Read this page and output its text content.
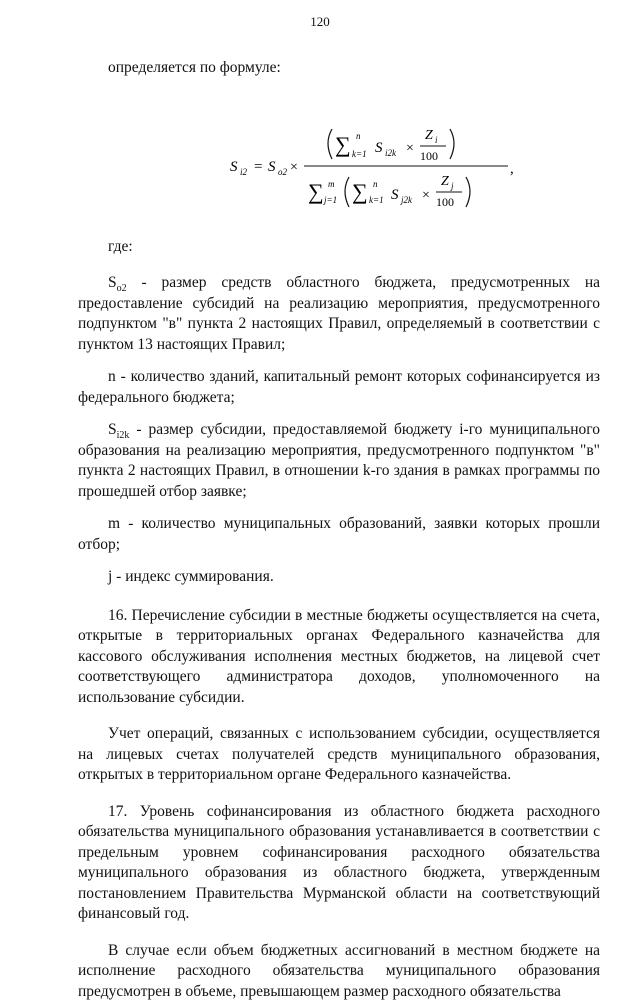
120

определяется по формуле:

S i2 = S o2 ×	,
∑ n
k=1 S i2k ×
Z i
100
∑ m
j=1 ∑ n
k=1 S j2k ×
Z j
100

где:

$S_{o2}$ - размер средств областного бюджета, предусмотренных на предоставление субсидий на реализацию мероприятия, предусмотренного подпунктом "в" пункта 2 настоящих Правил, определяемый в соответствии с пунктом 13 настоящих Правил;

n - количество зданий, капитальный ремонт которых софинансируется из федерального бюджета;

$S_{i2k}$ - размер субсидии, предоставляемой бюджету i-го муниципального образования на реализацию мероприятия, предусмотренного подпунктом "в" пункта 2 настоящих Правил, в отношении k-го здания в рамках программы по прошедшей отбор заявке;

m - количество муниципальных образований, заявки которых прошли отбор;

j - индекс суммирования.

16. Перечисление субсидии в местные бюджеты осуществляется на счета, открытые в территориальных органах Федерального казначейства для кассового обслуживания исполнения местных бюджетов, на лицевой счет соответствующего администратора доходов, уполномоченного на использование субсидии.

Учет операций, связанных с использованием субсидии, осуществляется на лицевых счетах получателей средств муниципального образования, открытых в территориальном органе Федерального казначейства.

17. Уровень софинансирования из областного бюджета расходного обязательства муниципального образования устанавливается в соответствии с предельным уровнем софинансирования расходного обязательства муниципального образования из областного бюджета, утвержденным постановлением Правительства Мурманской области на соответствующий финансовый год.

В случае если объем бюджетных ассигнований в местном бюджете на исполнение расходного обязательства муниципального образования предусмотрен в объеме, превышающем размер расходного обязательства
